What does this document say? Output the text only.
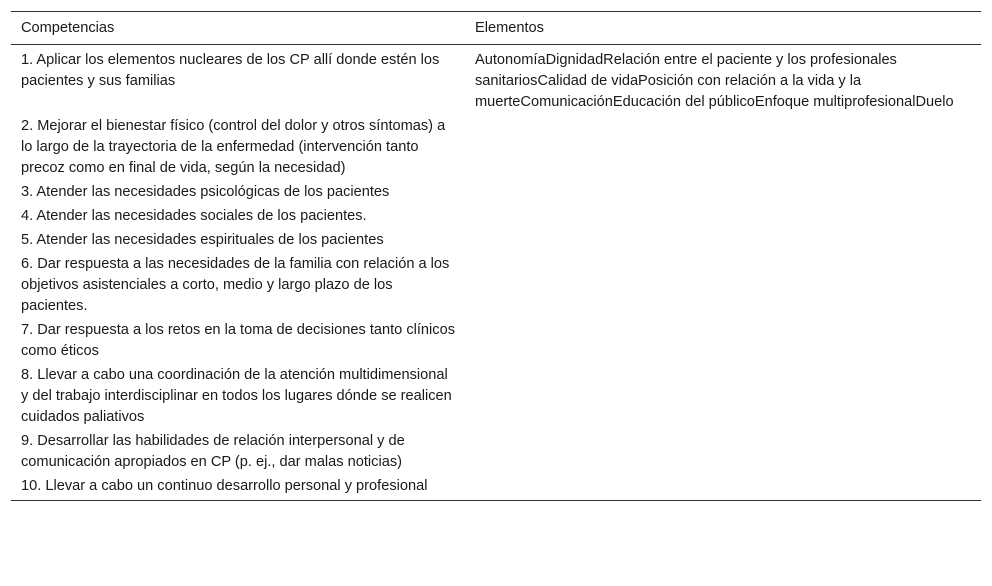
Competencias	Elementos
1. Aplicar los elementos nucleares de los CP allí donde estén los pacientes y sus familias	AutonomíaDignidadRelación entre el paciente y los profesionales sanitariosCalidad de vidaPosición con relación a la vida y la muerteComunicaciónEducación del públicoEnfoque multiprofesionalDuelo
2. Mejorar el bienestar físico (control del dolor y otros síntomas) a lo largo de la trayectoria de la enfermedad (intervención tanto precoz como en final de vida, según la necesidad)	
3. Atender las necesidades psicológicas de los pacientes	
4. Atender las necesidades sociales de los pacientes.	
5. Atender las necesidades espirituales de los pacientes	
6. Dar respuesta a las necesidades de la familia con relación a los objetivos asistenciales a corto, medio y largo plazo de los pacientes.	
7. Dar respuesta a los retos en la toma de decisiones tanto clínicos como éticos	
8. Llevar a cabo una coordinación de la atención multidimensional y del trabajo interdisciplinar en todos los lugares dónde se realicen cuidados paliativos	
9. Desarrollar las habilidades de relación interpersonal y de comunicación apropiados en CP (p. ej., dar malas noticias)	
10. Llevar a cabo un continuo desarrollo personal y profesional	
